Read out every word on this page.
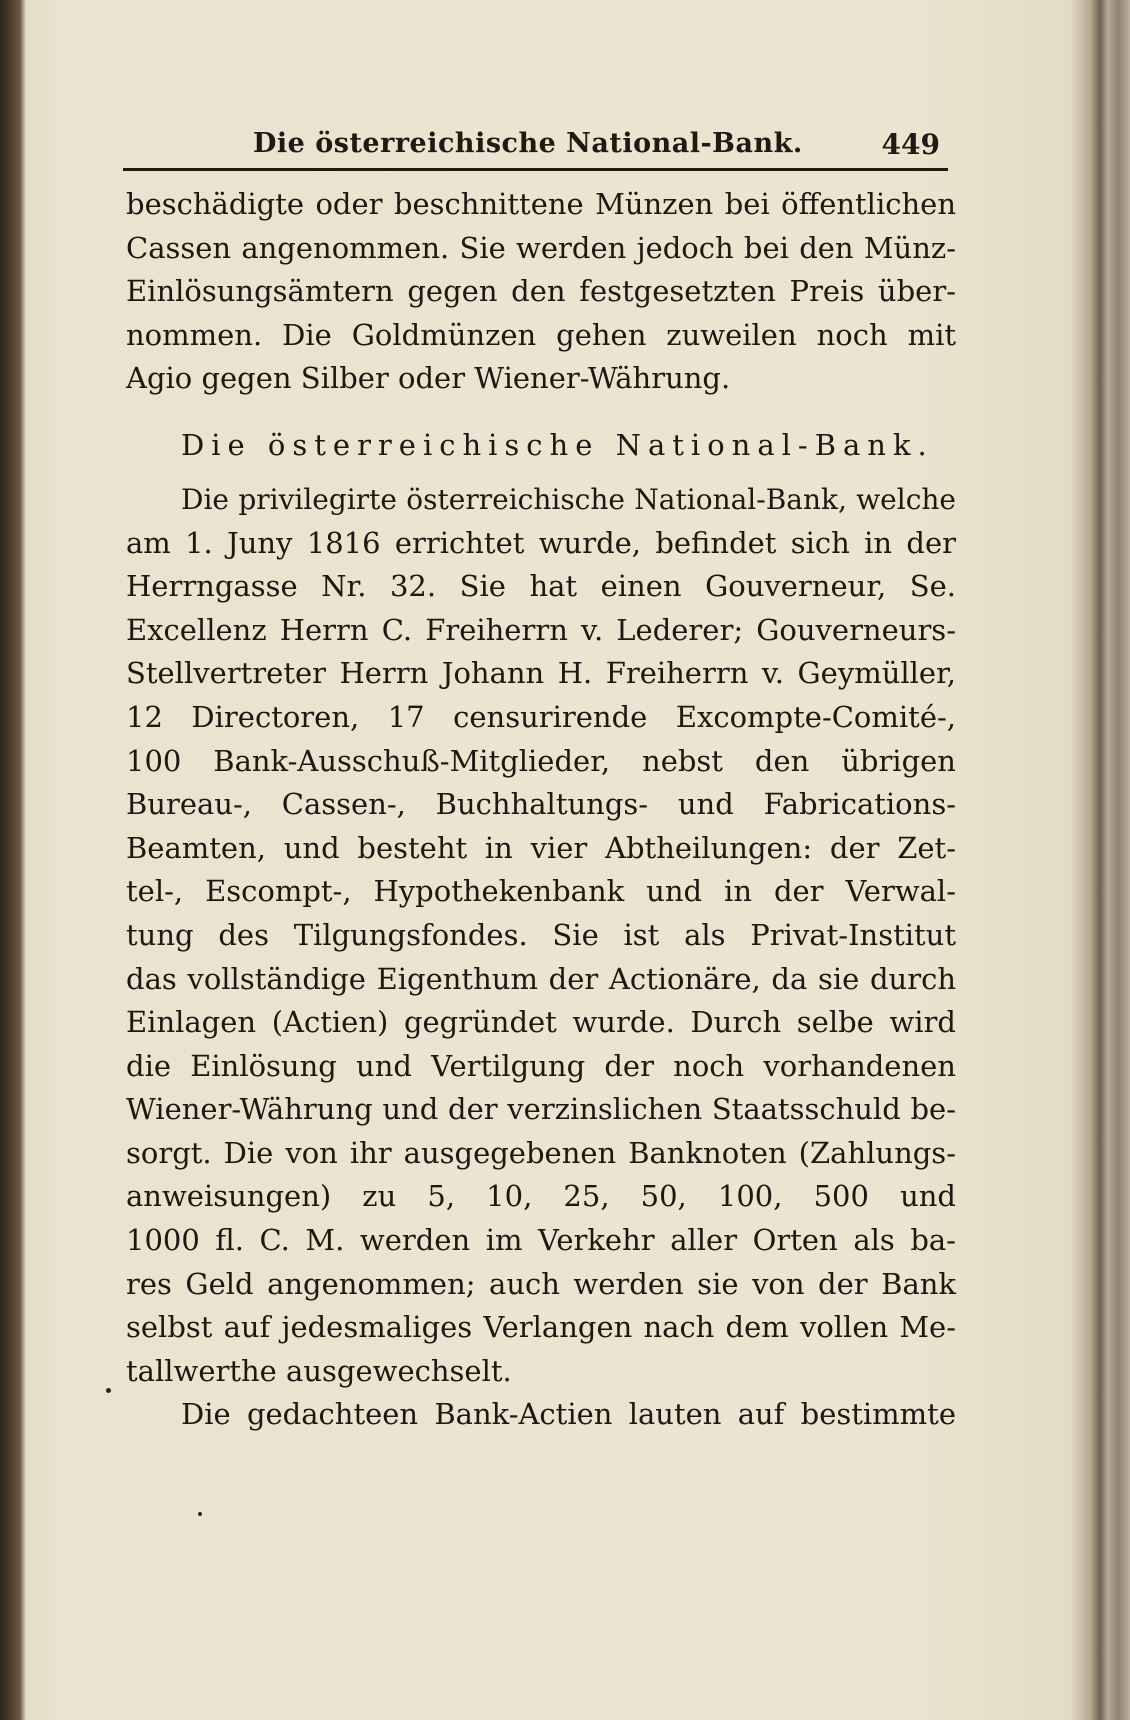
Die österreichische National-Bank.	449
beschädigte oder beschnittene Münzen bei öffentlichen
Cassen angenommen. Sie werden jedoch bei den Münz-
Einlösungsämtern gegen den festgesetzten Preis über-
nommen. Die Goldmünzen gehen zuweilen noch mit
Agio gegen Silber oder Wiener-Währung.
Die österreichische National-Bank.
Die privilegirte österreichische National-Bank, welche
am 1. Juny 1816 errichtet wurde, befindet sich in der
Herrngasse Nr. 32. Sie hat einen Gouverneur, Se.
Excellenz Herrn C. Freiherrn v. Lederer; Gouverneurs-
Stellvertreter Herrn Johann H. Freiherrn v. Geymüller,
12 Directoren, 17 censurirende Excompte-Comité-,
100 Bank-Ausschuß-Mitglieder, nebst den übrigen
Bureau-, Cassen-, Buchhaltungs- und Fabrications-
Beamten, und besteht in vier Abtheilungen: der Zet-
tel-, Escompt-, Hypothekenbank und in der Verwal-
tung des Tilgungsfondes. Sie ist als Privat-Institut
das vollständige Eigenthum der Actionäre, da sie durch
Einlagen (Actien) gegründet wurde. Durch selbe wird
die Einlösung und Vertilgung der noch vorhandenen
Wiener-Währung und der verzinslichen Staatsschuld be-
sorgt. Die von ihr ausgegebenen Banknoten (Zahlungs-
anweisungen) zu 5, 10, 25, 50, 100, 500 und
1000 fl. C. M. werden im Verkehr aller Orten als ba-
res Geld angenommen; auch werden sie von der Bank
selbst auf jedesmaliges Verlangen nach dem vollen Me-
tallwerthe ausgewechselt.
Die gedachteen Bank-Actien lauten auf bestimmte
